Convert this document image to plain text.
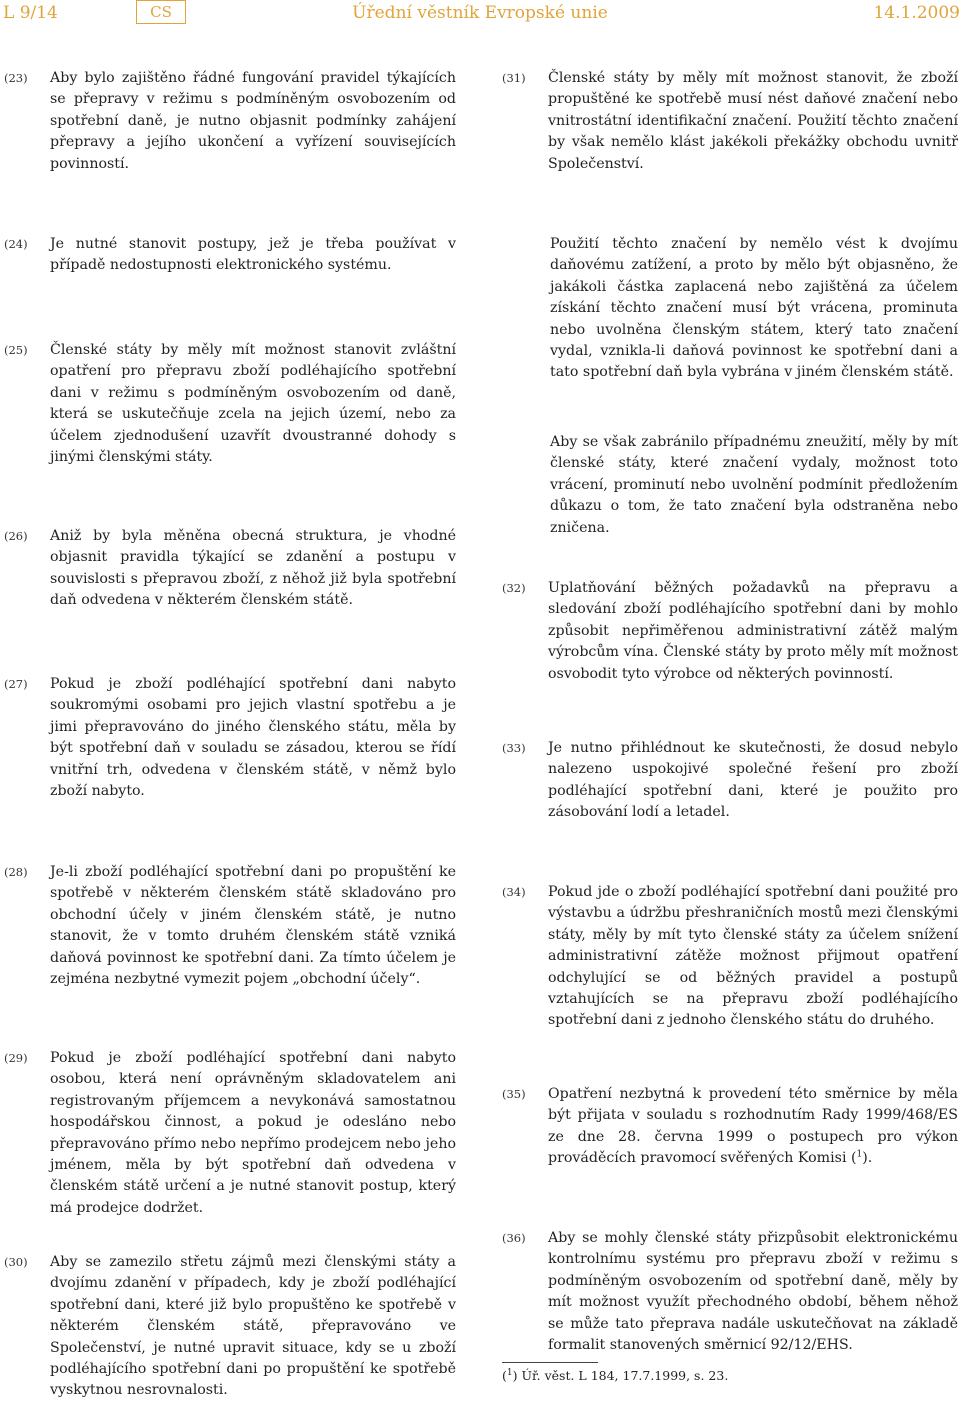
L 9/14	CS	Úřední věstník Evropské unie	14.1.2009
(23) Aby bylo zajištěno řádné fungování pravidel týkajících se přepravy v režimu s podmíněným osvobozením od spotřební daně, je nutno objasnit podmínky zahájení přepravy a jejího ukončení a vyřízení souvisejících povinností.
(24) Je nutné stanovit postupy, jež je třeba používat v případě nedostupnosti elektronického systému.
(25) Členské státy by měly mít možnost stanovit zvláštní opatření pro přepravu zboží podléhajícího spotřební dani v režimu s podmíněným osvobozením od daně, která se uskutečňuje zcela na jejich území, nebo za účelem zjednodušení uzavřít dvoustranné dohody s jinými členskými státy.
(26) Aniž by byla měněna obecná struktura, je vhodné objasnit pravidla týkající se zdanění a postupu v souvislosti s přepravou zboží, z něhož již byla spotřební daň odvedena v některém členském státě.
(27) Pokud je zboží podléhající spotřební dani nabyto soukromými osobami pro jejich vlastní spotřebu a je jimi přepravováno do jiného členského státu, měla by být spotřební daň v souladu se zásadou, kterou se řídí vnitřní trh, odvedena v členském státě, v němž bylo zboží nabyto.
(28) Je-li zboží podléhající spotřební dani po propuštění ke spotřebě v některém členském státě skladováno pro obchodní účely v jiném členském státě, je nutno stanovit, že v tomto druhém členském státě vzniká daňová povinnost ke spotřební dani. Za tímto účelem je zejména nezbytné vymezit pojem „obchodní účely“.
(29) Pokud je zboží podléhající spotřební dani nabyto osobou, která není oprávněným skladovatelem ani registrovaným příjemcem a nevykonává samostatnou hospodářskou činnost, a pokud je odesláno nebo přepravováno přímo nebo nepřímo prodejcem nebo jeho jménem, měla by být spotřební daň odvedena v členském státě určení a je nutné stanovit postup, který má prodejce dodržet.
(30) Aby se zamezilo střetu zájmů mezi členskými státy a dvojímu zdanění v případech, kdy je zboží podléhající spotřební dani, které již bylo propuštěno ke spotřebě v některém členském státě, přepravováno ve Společenství, je nutné upravit situace, kdy se u zboží podléhajícího spotřební dani po propuštění ke spotřebě vyskytnou nesrovnalosti.
(31) Členské státy by měly mít možnost stanovit, že zboží propuštěné ke spotřebě musí nést daňové značení nebo vnitrostátní identifikační značení. Použití těchto značení by však nemělo klást jakékoli překážky obchodu uvnitř Společenství.
Použití těchto značení by nemělo vést k dvojímu daňovému zatížení, a proto by mělo být objasněno, že jakákoli částka zaplacená nebo zajištěná za účelem získání těchto značení musí být vrácena, prominuta nebo uvolněna členským státem, který tato značení vydal, vznikla-li daňová povinnost ke spotřební dani a tato spotřební daň byla vybrána v jiném členském státě.
Aby se však zabránilo případnému zneužití, měly by mít členské státy, které značení vydaly, možnost toto vrácení, prominutí nebo uvolnění podmínit předložením důkazu o tom, že tato značení byla odstraněna nebo zničena.
(32) Uplatňování běžných požadavků na přepravu a sledování zboží podléhajícího spotřební dani by mohlo způsobit nepřiměřenou administrativní zátěž malým výrobcům vína. Členské státy by proto měly mít možnost osvobodit tyto výrobce od některých povinností.
(33) Je nutno přihlédnout ke skutečnosti, že dosud nebylo nalezeno uspokojivé společné řešení pro zboží podléhající spotřební dani, které je použito pro zásobování lodí a letadel.
(34) Pokud jde o zboží podléhající spotřební dani použité pro výstavbu a údržbu přeshraničních mostů mezi členskými státy, měly by mít tyto členské státy za účelem snížení administrativní zátěže možnost přijmout opatření odchylující se od běžných pravidel a postupů vztahujících se na přepravu zboží podléhajícího spotřební dani z jednoho členského státu do druhého.
(35) Opatření nezbytná k provedení této směrnice by měla být přijata v souladu s rozhodnutím Rady 1999/468/ES ze dne 28. června 1999 o postupech pro výkon prováděcích pravomocí svěřených Komisi ($^1$).
(36) Aby se mohly členské státy přizpůsobit elektronickému kontrolnímu systému pro přepravu zboží v režimu s podmíněným osvobozením od spotřební daně, měly by mít možnost využít přechodného období, během něhož se může tato přeprava nadále uskutečňovat na základě formalit stanovených směrnicí 92/12/EHS.
($^1$) Úř. věst. L 184, 17.7.1999, s. 23.
